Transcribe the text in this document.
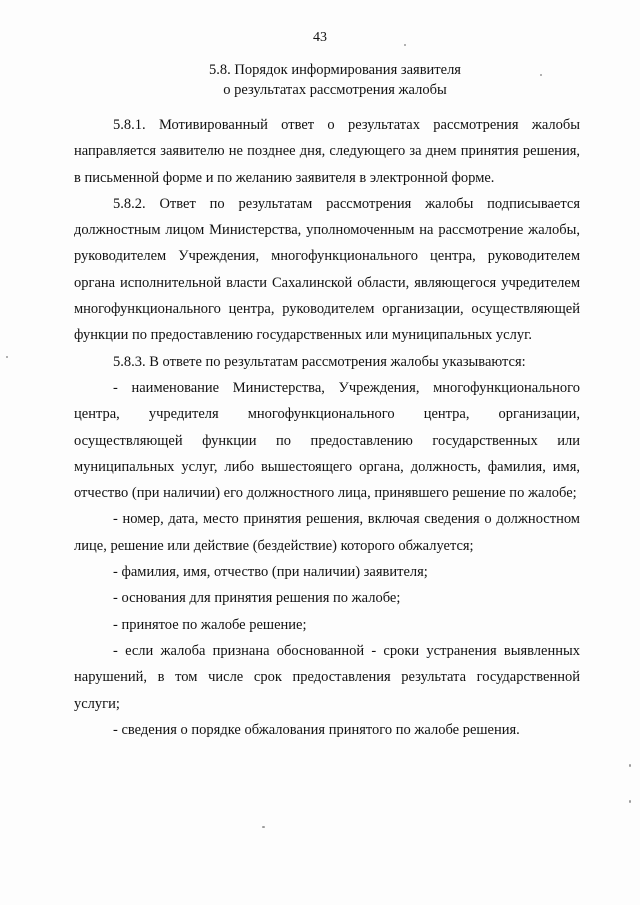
43
5.8. Порядок информирования заявителя
о результатах рассмотрения жалобы

5.8.1. Мотивированный ответ о результатах рассмотрения жалобы направляется заявителю не позднее дня, следующего за днем принятия решения, в письменной форме и по желанию заявителя в электронной форме.

5.8.2. Ответ по результатам рассмотрения жалобы подписывается должностным лицом Министерства, уполномоченным на рассмотрение жалобы, руководителем Учреждения, многофункционального центра, руководителем органа исполнительной власти Сахалинской области, являющегося учредителем многофункционального центра, руководителем организации, осуществляющей функции по предоставлению государственных или муниципальных услуг.

5.8.3. В ответе по результатам рассмотрения жалобы указываются:

- наименование Министерства, Учреждения, многофункционального центра, учредителя многофункционального центра, организации, осуществляющей функции по предоставлению государственных или муниципальных услуг, либо вышестоящего органа, должность, фамилия, имя, отчество (при наличии) его должностного лица, принявшего решение по жалобе;

- номер, дата, место принятия решения, включая сведения о должностном лице, решение или действие (бездействие) которого обжалуется;

- фамилия, имя, отчество (при наличии) заявителя;

- основания для принятия решения по жалобе;

- принятое по жалобе решение;

- если жалоба признана обоснованной - сроки устранения выявленных нарушений, в том числе срок предоставления результата государственной услуги;

- сведения о порядке обжалования принятого по жалобе решения.
